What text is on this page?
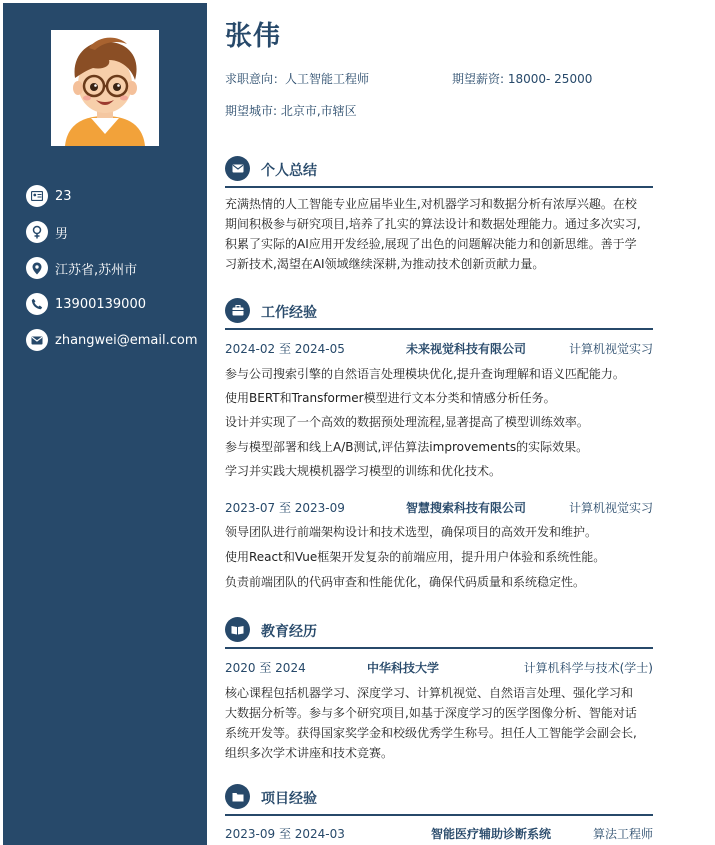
23
男
江苏省,苏州市
13900139000
zhangwei@email.com
张伟
求职意向：人工智能工程师	期望薪资: 18000- 25000
期望城市: 北京市,市辖区
个人总结
充满热情的人工智能专业应届毕业生,对机器学习和数据分析有浓厚兴趣。在校
期间积极参与研究项目,培养了扎实的算法设计和数据处理能力。通过多次实习,
积累了实际的AI应用开发经验,展现了出色的问题解决能力和创新思维。善于学
习新技术,渴望在AI领域继续深耕,为推动技术创新贡献力量。
工作经验
2024-02 至 2024-05	未来视觉科技有限公司	计算机视觉实习
参与公司搜索引擎的自然语言处理模块优化,提升查询理解和语义匹配能力。
使用BERT和Transformer模型进行文本分类和情感分析任务。
设计并实现了一个高效的数据预处理流程,显著提高了模型训练效率。
参与模型部署和线上A/B测试,评估算法improvements的实际效果。
学习并实践大规模机器学习模型的训练和优化技术。
2023-07 至 2023-09	智慧搜索科技有限公司	计算机视觉实习
领导团队进行前端架构设计和技术选型，确保项目的高效开发和维护。
使用React和Vue框架开发复杂的前端应用，提升用户体验和系统性能。
负责前端团队的代码审查和性能优化，确保代码质量和系统稳定性。
教育经历
2020 至 2024	中华科技大学	计算机科学与技术(学士)
核心课程包括机器学习、深度学习、计算机视觉、自然语言处理、强化学习和
大数据分析等。参与多个研究项目,如基于深度学习的医学图像分析、智能对话
系统开发等。获得国家奖学金和校级优秀学生称号。担任人工智能学会副会长,
组织多次学术讲座和技术竞赛。
项目经验
2023-09 至 2024-03	智能医疗辅助诊断系统	算法工程师
